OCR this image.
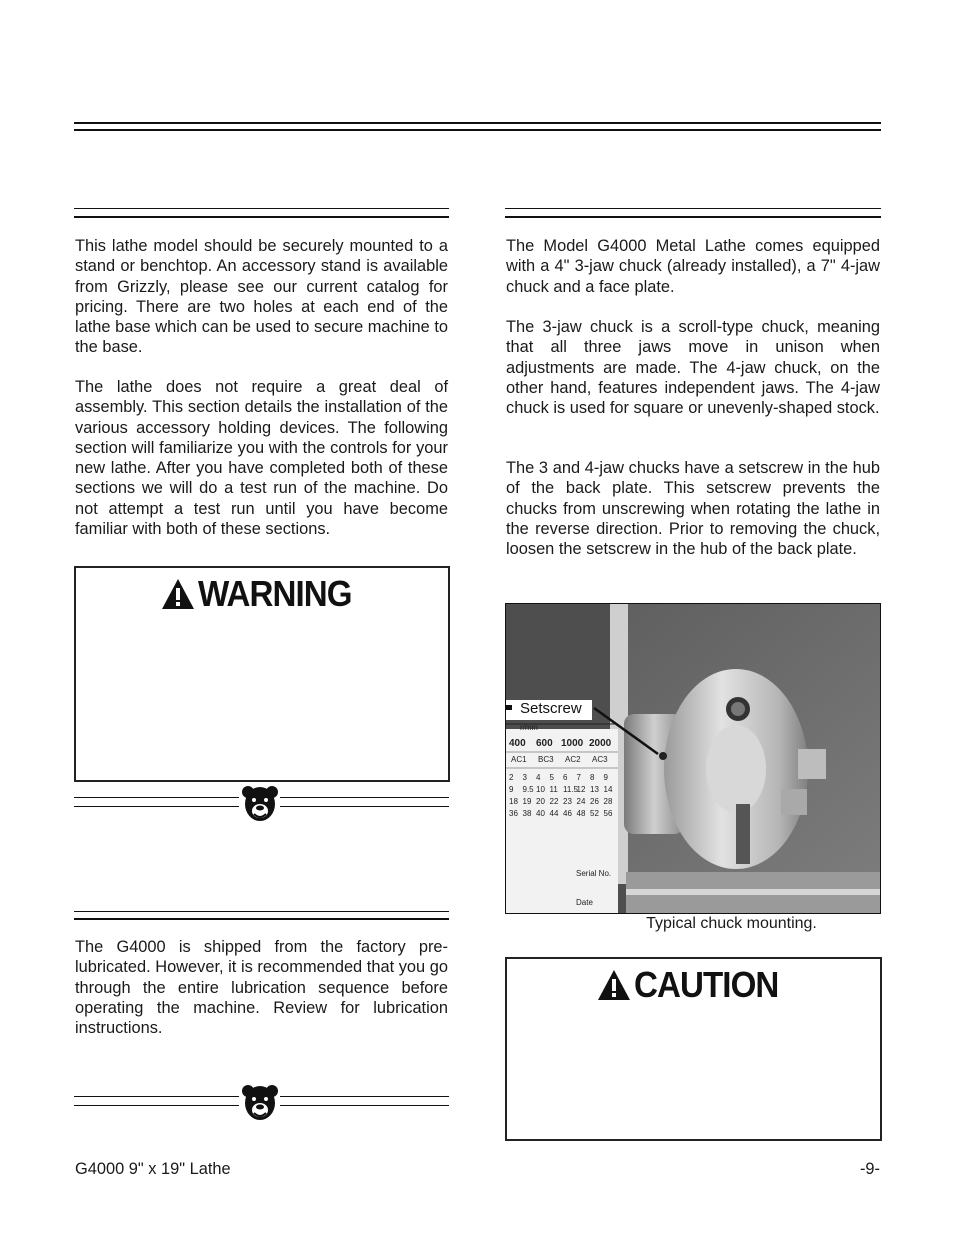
This lathe model should be securely mounted to a stand or benchtop. An accessory stand is available from Grizzly, please see our current catalog for pricing. There are two holes at each end of the lathe base which can be used to secure machine to the base.

The lathe does not require a great deal of assembly. This section details the installation of the various accessory holding devices. The following section will familiarize you with the controls for your new lathe. After you have completed both of these sections we will do a test run of the machine. Do not attempt a test run until you have become familiar with both of these sections.

WARNING

The G4000 is shipped from the factory pre-lubricated. However, it is recommended that you go through the entire lubrication sequence before operating the machine. Review for lubrication instructions.

The Model G4000 Metal Lathe comes equipped with a 4" 3-jaw chuck (already installed), a 7" 4-jaw chuck and a face plate.

The 3-jaw chuck is a scroll-type chuck, meaning that all three jaws move in unison when adjustments are made. The 4-jaw chuck, on the other hand, features independent jaws. The 4-jaw chuck is used for square or unevenly-shaped stock.

The 3 and 4-jaw chucks have a setscrew in the hub of the back plate. This setscrew prevents the chucks from unscrewing when rotating the lathe in the reverse direction. Prior to removing the chuck, loosen the setscrew in the hub of the back plate.

r/min
400 600 1000 2000
AC1 BC3 AC2 AC3
2 3 4 5 6 7 8 9
9 9.5 10 11 11.5
12 13 14
18 19 20 22 23 24 26 28
36 38 40 44 46 48 52 56
Serial No.
Date
Setscrew
Typical chuck mounting.
CAUTION
G4000 9" x 19" Lathe	-9-
